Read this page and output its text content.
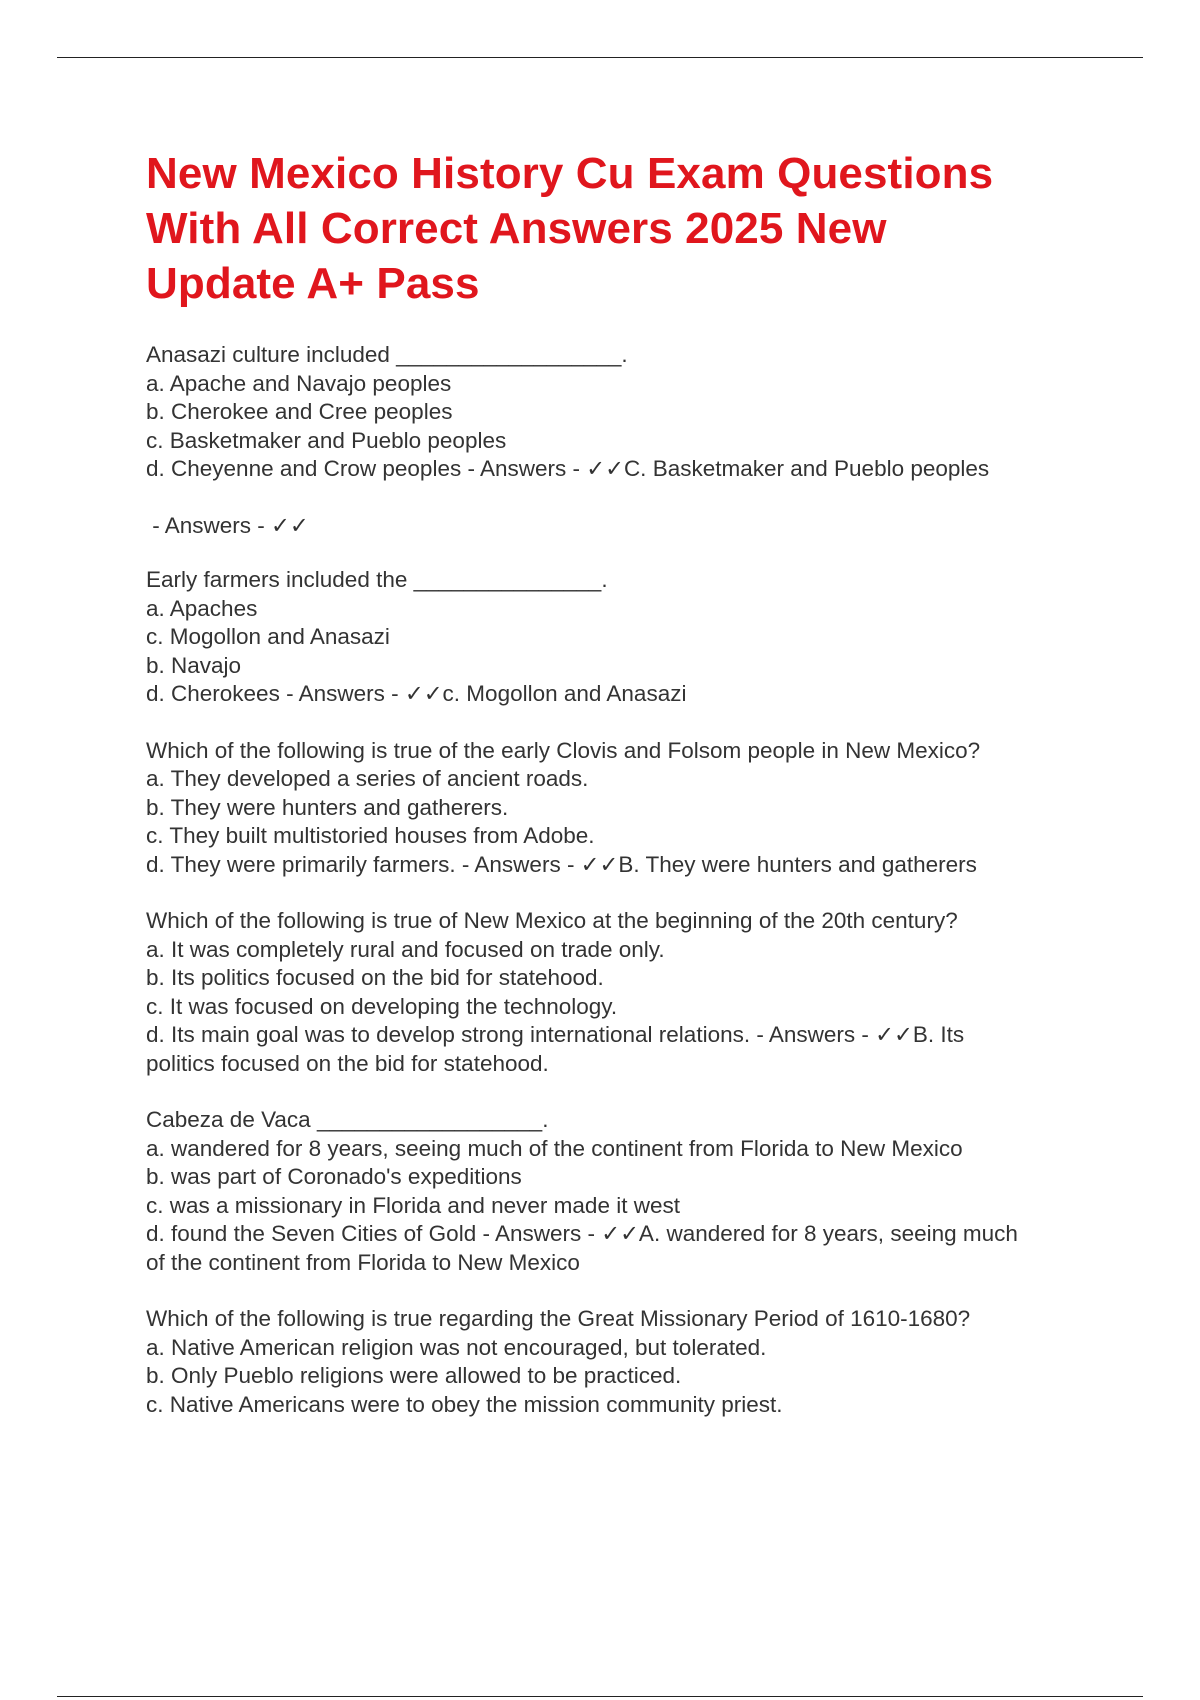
New Mexico History Cu Exam Questions
With All Correct Answers 2025 New
Update A+ Pass
Anasazi culture included __________________.
a. Apache and Navajo peoples
b. Cherokee and Cree peoples
c. Basketmaker and Pueblo peoples
d. Cheyenne and Crow peoples - Answers - ✓✓C. Basketmaker and Pueblo peoples
- Answers - ✓✓
Early farmers included the _______________.
a. Apaches
c. Mogollon and Anasazi
b. Navajo
d. Cherokees - Answers - ✓✓c. Mogollon and Anasazi
Which of the following is true of the early Clovis and Folsom people in New Mexico?
a. They developed a series of ancient roads.
b. They were hunters and gatherers.
c. They built multistoried houses from Adobe.
d. They were primarily farmers. - Answers - ✓✓B. They were hunters and gatherers
Which of the following is true of New Mexico at the beginning of the 20th century?
a. It was completely rural and focused on trade only.
b. Its politics focused on the bid for statehood.
c. It was focused on developing the technology.
d. Its main goal was to develop strong international relations. - Answers - ✓✓B. Its
politics focused on the bid for statehood.
Cabeza de Vaca __________________.
a. wandered for 8 years, seeing much of the continent from Florida to New Mexico
b. was part of Coronado's expeditions
c. was a missionary in Florida and never made it west
d. found the Seven Cities of Gold - Answers - ✓✓A. wandered for 8 years, seeing much
of the continent from Florida to New Mexico
Which of the following is true regarding the Great Missionary Period of 1610-1680?
a. Native American religion was not encouraged, but tolerated.
b. Only Pueblo religions were allowed to be practiced.
c. Native Americans were to obey the mission community priest.
